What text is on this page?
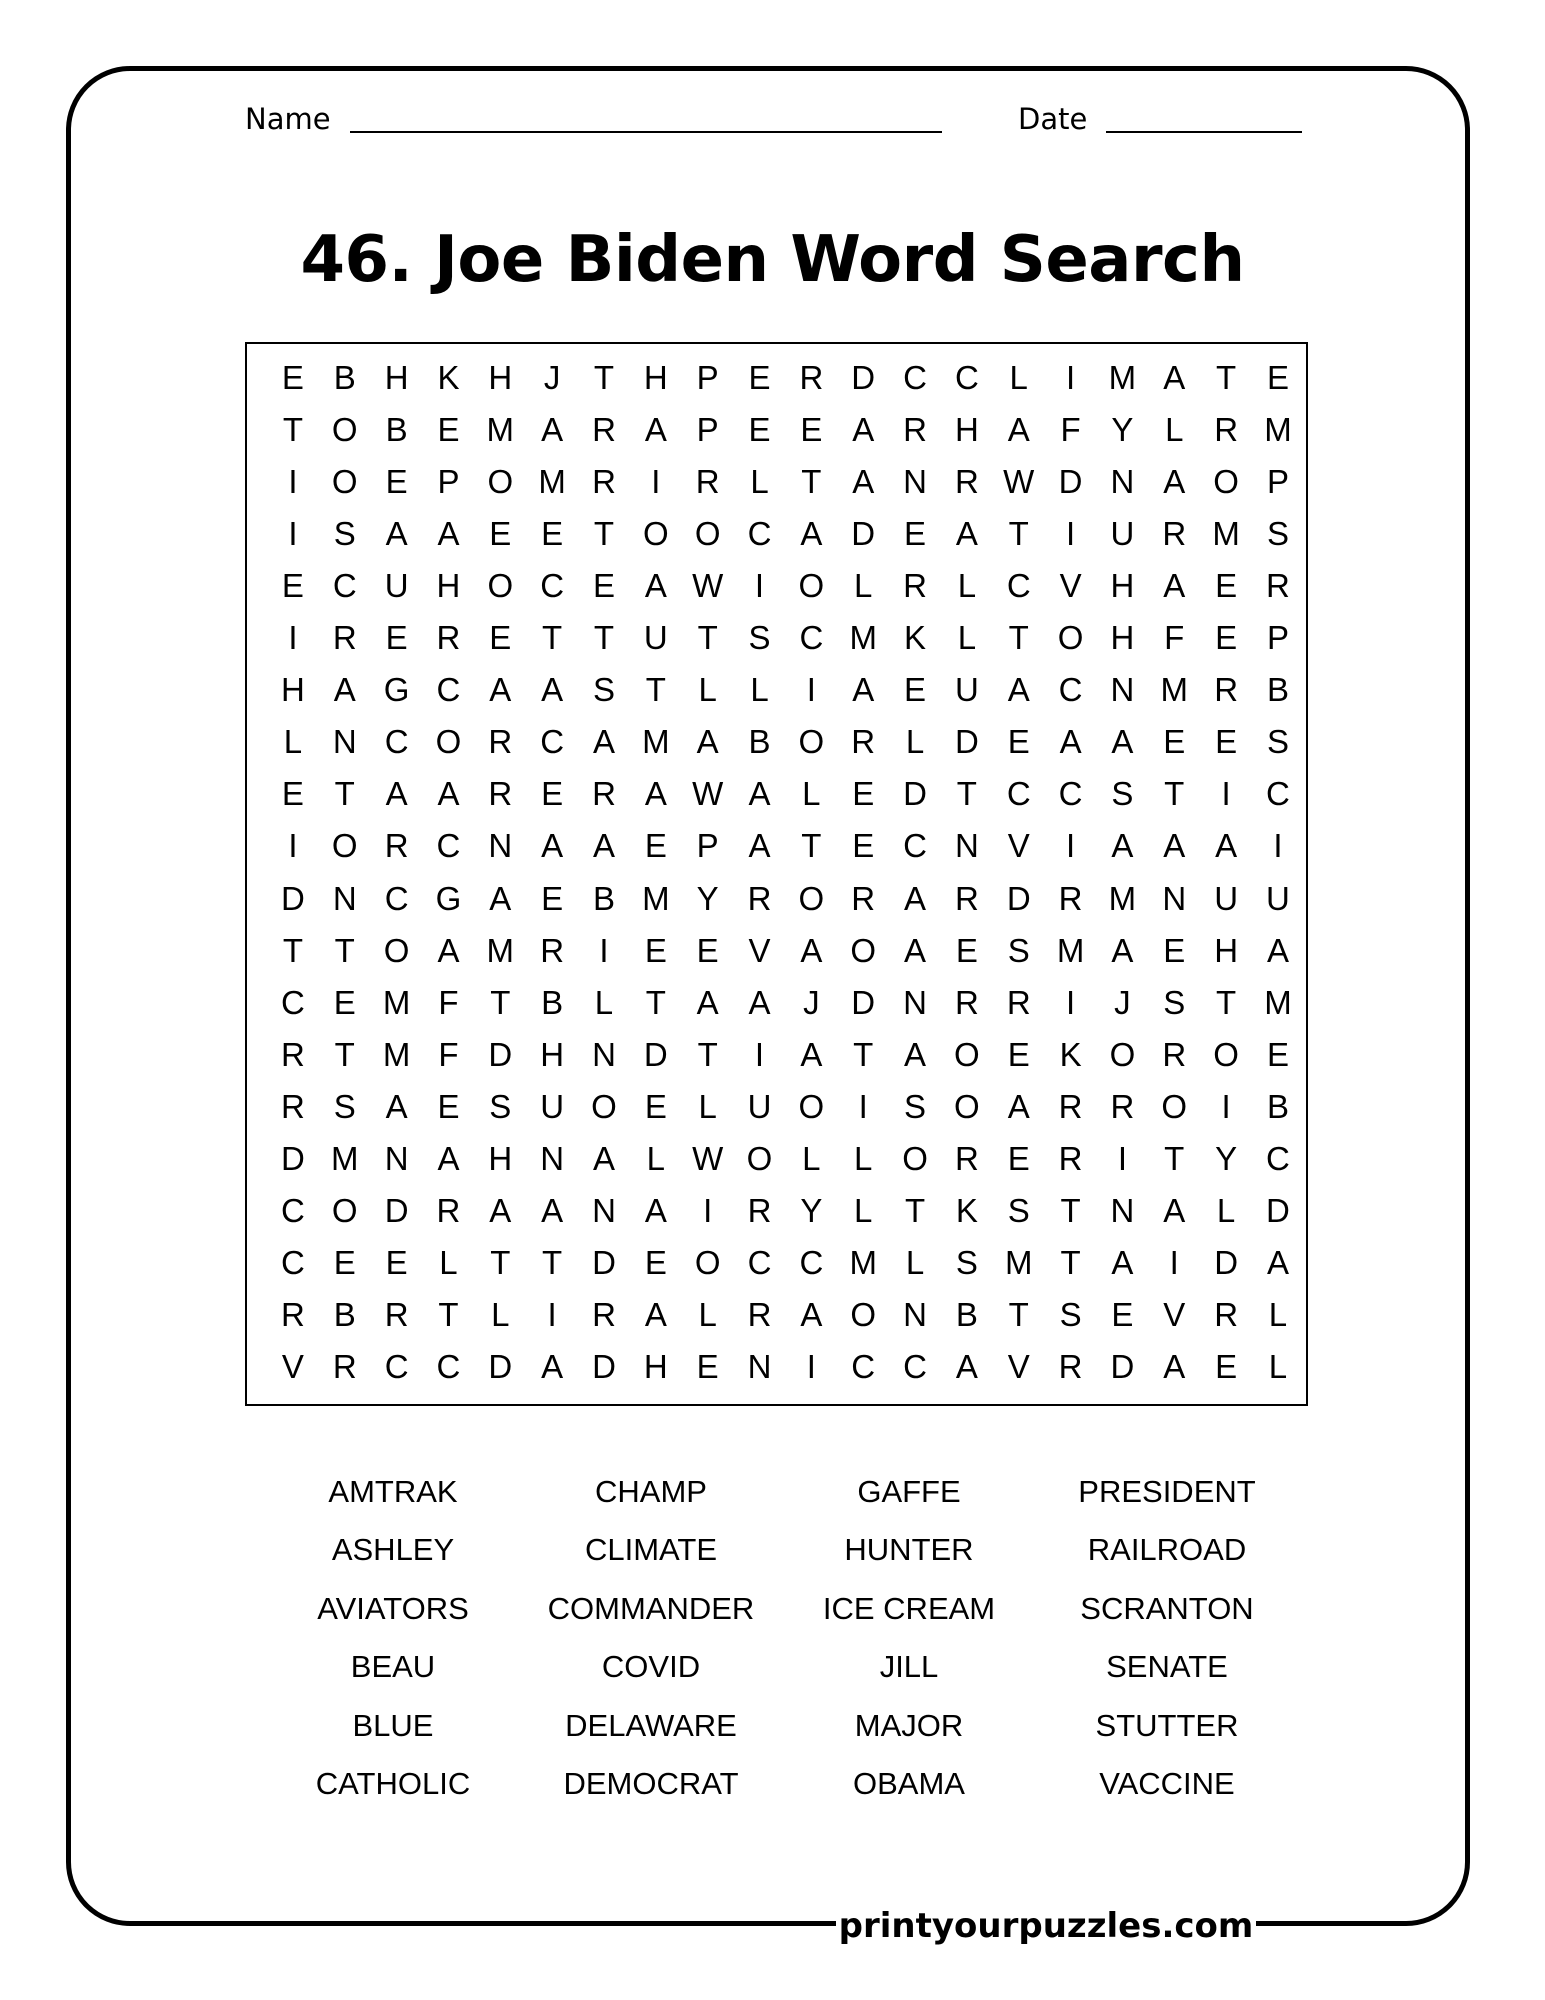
Name	Date
46. Joe Biden Word Search
E B H K H J	T H P E R D C C L	I	M A T E
T O B E M A R A P E E A R H A F Y L R M
I	O E P O M R	I	R L T A N R W D N A O P
I	S A A E E T O O C A D E A T	I	U R M S
E C U H O C E A W I	O L R L C V H A E R
I	R E R E T T U T S C M K L T O H F E P
H A G C A A S T L	L	I	A E U A C N M R B
L N C O R C A M A B O R L D E A A E E S
E T A A R E R A W A L E D T C C S T	I	C
I	O R C N A A E P A T E C N V	I	A A A	I
D N C G A E B M Y R O R A R D R M N U U
T T O A M R	I	E E V A O A E S M A E H A
C E M F T B L T A A J D N R R	I	J S T M
R T M F D H N D T	I	A T A O E K O R O E
R S A E S U O E L U O	I	S O A R R O	I	B
D M N A H N A L W O L	L O R E R	I	T Y C
C O D R A A N A	I	R Y L T K S T N A L D
C E E L T T D E O C C M L S M T A	I	D A
R B R T L	I	R A L R A O N B T S E V R L
V R C C D A D H E N	I	C C A V R D A E L
AMTRAK	CHAMP	GAFFE	PRESIDENT
ASHLEY	CLIMATE	HUNTER	RAILROAD
AVIATORS	COMMANDER	ICE CREAM	SCRANTON
BEAU	COVID	JILL	SENATE
BLUE	DELAWARE	MAJOR	STUTTER
CATHOLIC	DEMOCRAT	OBAMA	VACCINE
printyourpuzzles.com
